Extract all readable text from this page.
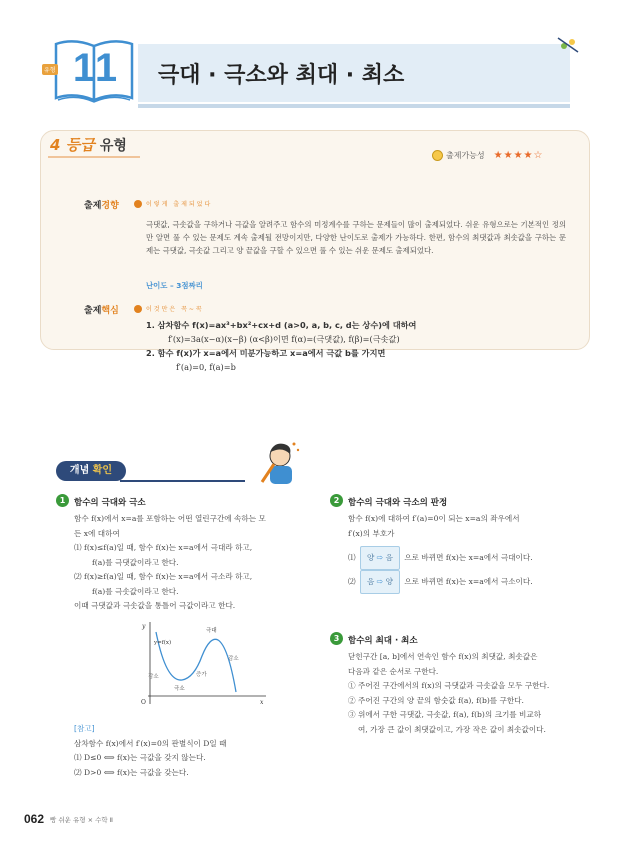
유형 11	극대 · 극소와 최대 · 최소
4 등급 유형
출제가능성 ★★★★☆
출제경향	이렇게 출제되었다
극댓값, 극솟값을 구하거나 극값을 알려주고 함수의 미정계수를 구하는 문제들이 많이 출제되었다. 쉬운 유형으로는 기본적인 정의만 알면 풀 수 있는 문제도 계속 출제될 전망이지만, 다양한 난이도로 출제가 가능하다. 한편, 함수의 최댓값과 최솟값을 구하는 문제는 극댓값, 극솟값 그리고 양 끝값을 구할 수 있으면 풀 수 있는 쉬운 문제도 출제되었다.
난이도 – 3점짜리
출제핵심	이것만은 꼭~꼭
1. 삼차함수 f(x)=ax³+bx²+cx+d (a>0, a, b, c, d는 상수)에 대하여
f′(x)=3a(x−α)(x−β) (α<β)이면 f(α)=(극댓값), f(β)=(극솟값)
2. 함수 f(x)가 x=a에서 미분가능하고 x=a에서 극값 b를 가지면
f′(a)=0, f(a)=b
개념 확인
1	함수의 극대와 극소
함수 f(x)에서 x=a를 포함하는 어떤 열린구간에 속하는 모
든 x에 대하여
⑴ f(x)≤f(a)일 때, 함수 f(x)는 x=a에서 극대라 하고,
f(a)를 극댓값이라고 한다.
⑵ f(x)≥f(a)일 때, 함수 f(x)는 x=a에서 극소라 하고,
f(a)를 극솟값이라고 한다.
이때 극댓값과 극솟값을 통틀어 극값이라고 한다.
y
x
O
y=f(x)
극대
극소
감소	증가
감소
[참고]
삼차함수 f(x)에서 f′(x)=0의 판별식이 D일 때
⑴ D≤0 ⟺ f(x)는 극값을 갖지 않는다.
⑵ D>0 ⟺ f(x)는 극값을 갖는다.
2	함수의 극대와 극소의 판정
함수 f(x)에 대하여 f′(a)=0이 되는 x=a의 좌우에서
f′(x)의 부호가
⑴ 양 ⇨ 음 으로 바뀌면 f(x)는 x=a에서 극대이다.
⑵ 음 ⇨ 양 으로 바뀌면 f(x)는 x=a에서 극소이다.
3	함수의 최대 · 최소
닫힌구간 [a, b]에서 연속인 함수 f(x)의 최댓값, 최솟값은
다음과 같은 순서로 구한다.
① 주어진 구간에서의 f(x)의 극댓값과 극솟값을 모두 구한다.
② 주어진 구간의 양 끝의 함숫값 f(a), f(b)를 구한다.
③ 위에서 구한 극댓값, 극솟값, f(a), f(b)의 크기를 비교하
여, 가장 큰 값이 최댓값이고, 가장 작은 값이 최솟값이다.
062 빵 쉬운 유형 × 수학 Ⅱ
